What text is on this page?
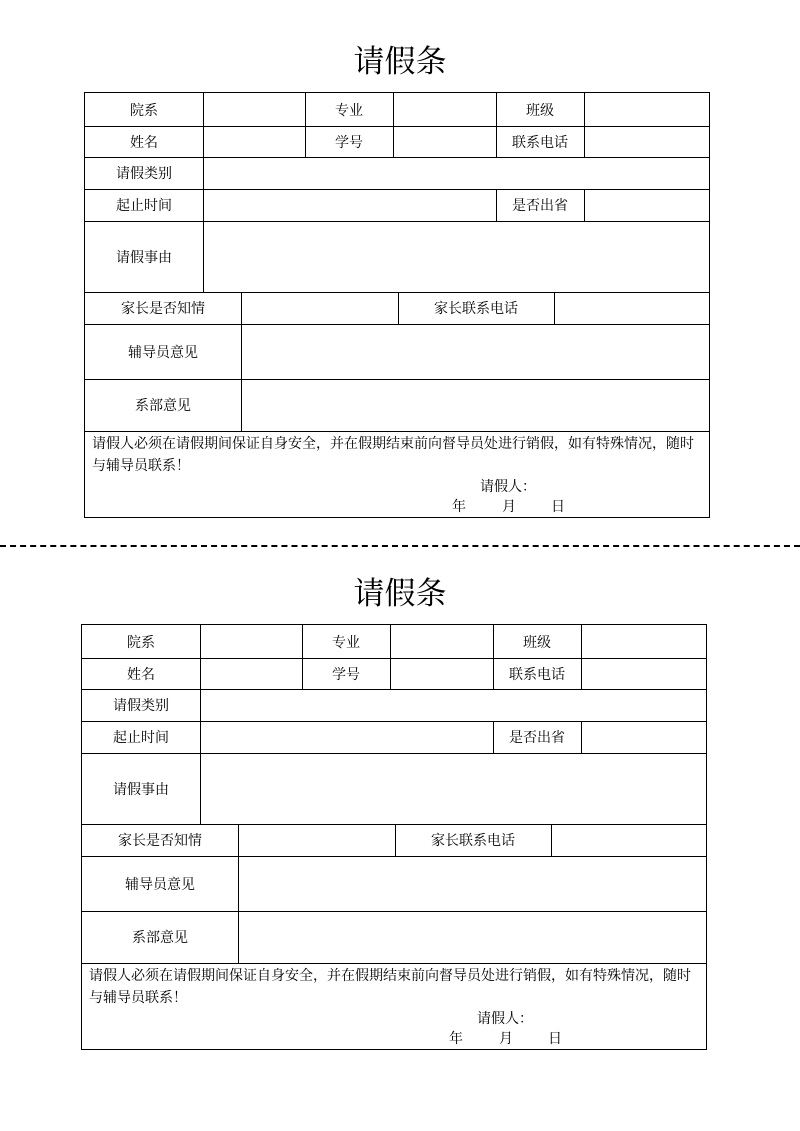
请假条
院系	专业	班级
姓名	学号	联系电话
请假类别
起止时间	是否出省
请假事由
家长是否知情	家长联系电话
辅导员意见
系部意见
请假人必须在请假期间保证自身安全，并在假期结束前向督导员处进行销假，如有特殊情况，随时与辅导员联系！
请假人：
年	月	日
请假条
院系	专业	班级
姓名	学号	联系电话
请假类别
起止时间	是否出省
请假事由
家长是否知情	家长联系电话
辅导员意见
系部意见
请假人必须在请假期间保证自身安全，并在假期结束前向督导员处进行销假，如有特殊情况，随时与辅导员联系！
请假人：
年	月	日
